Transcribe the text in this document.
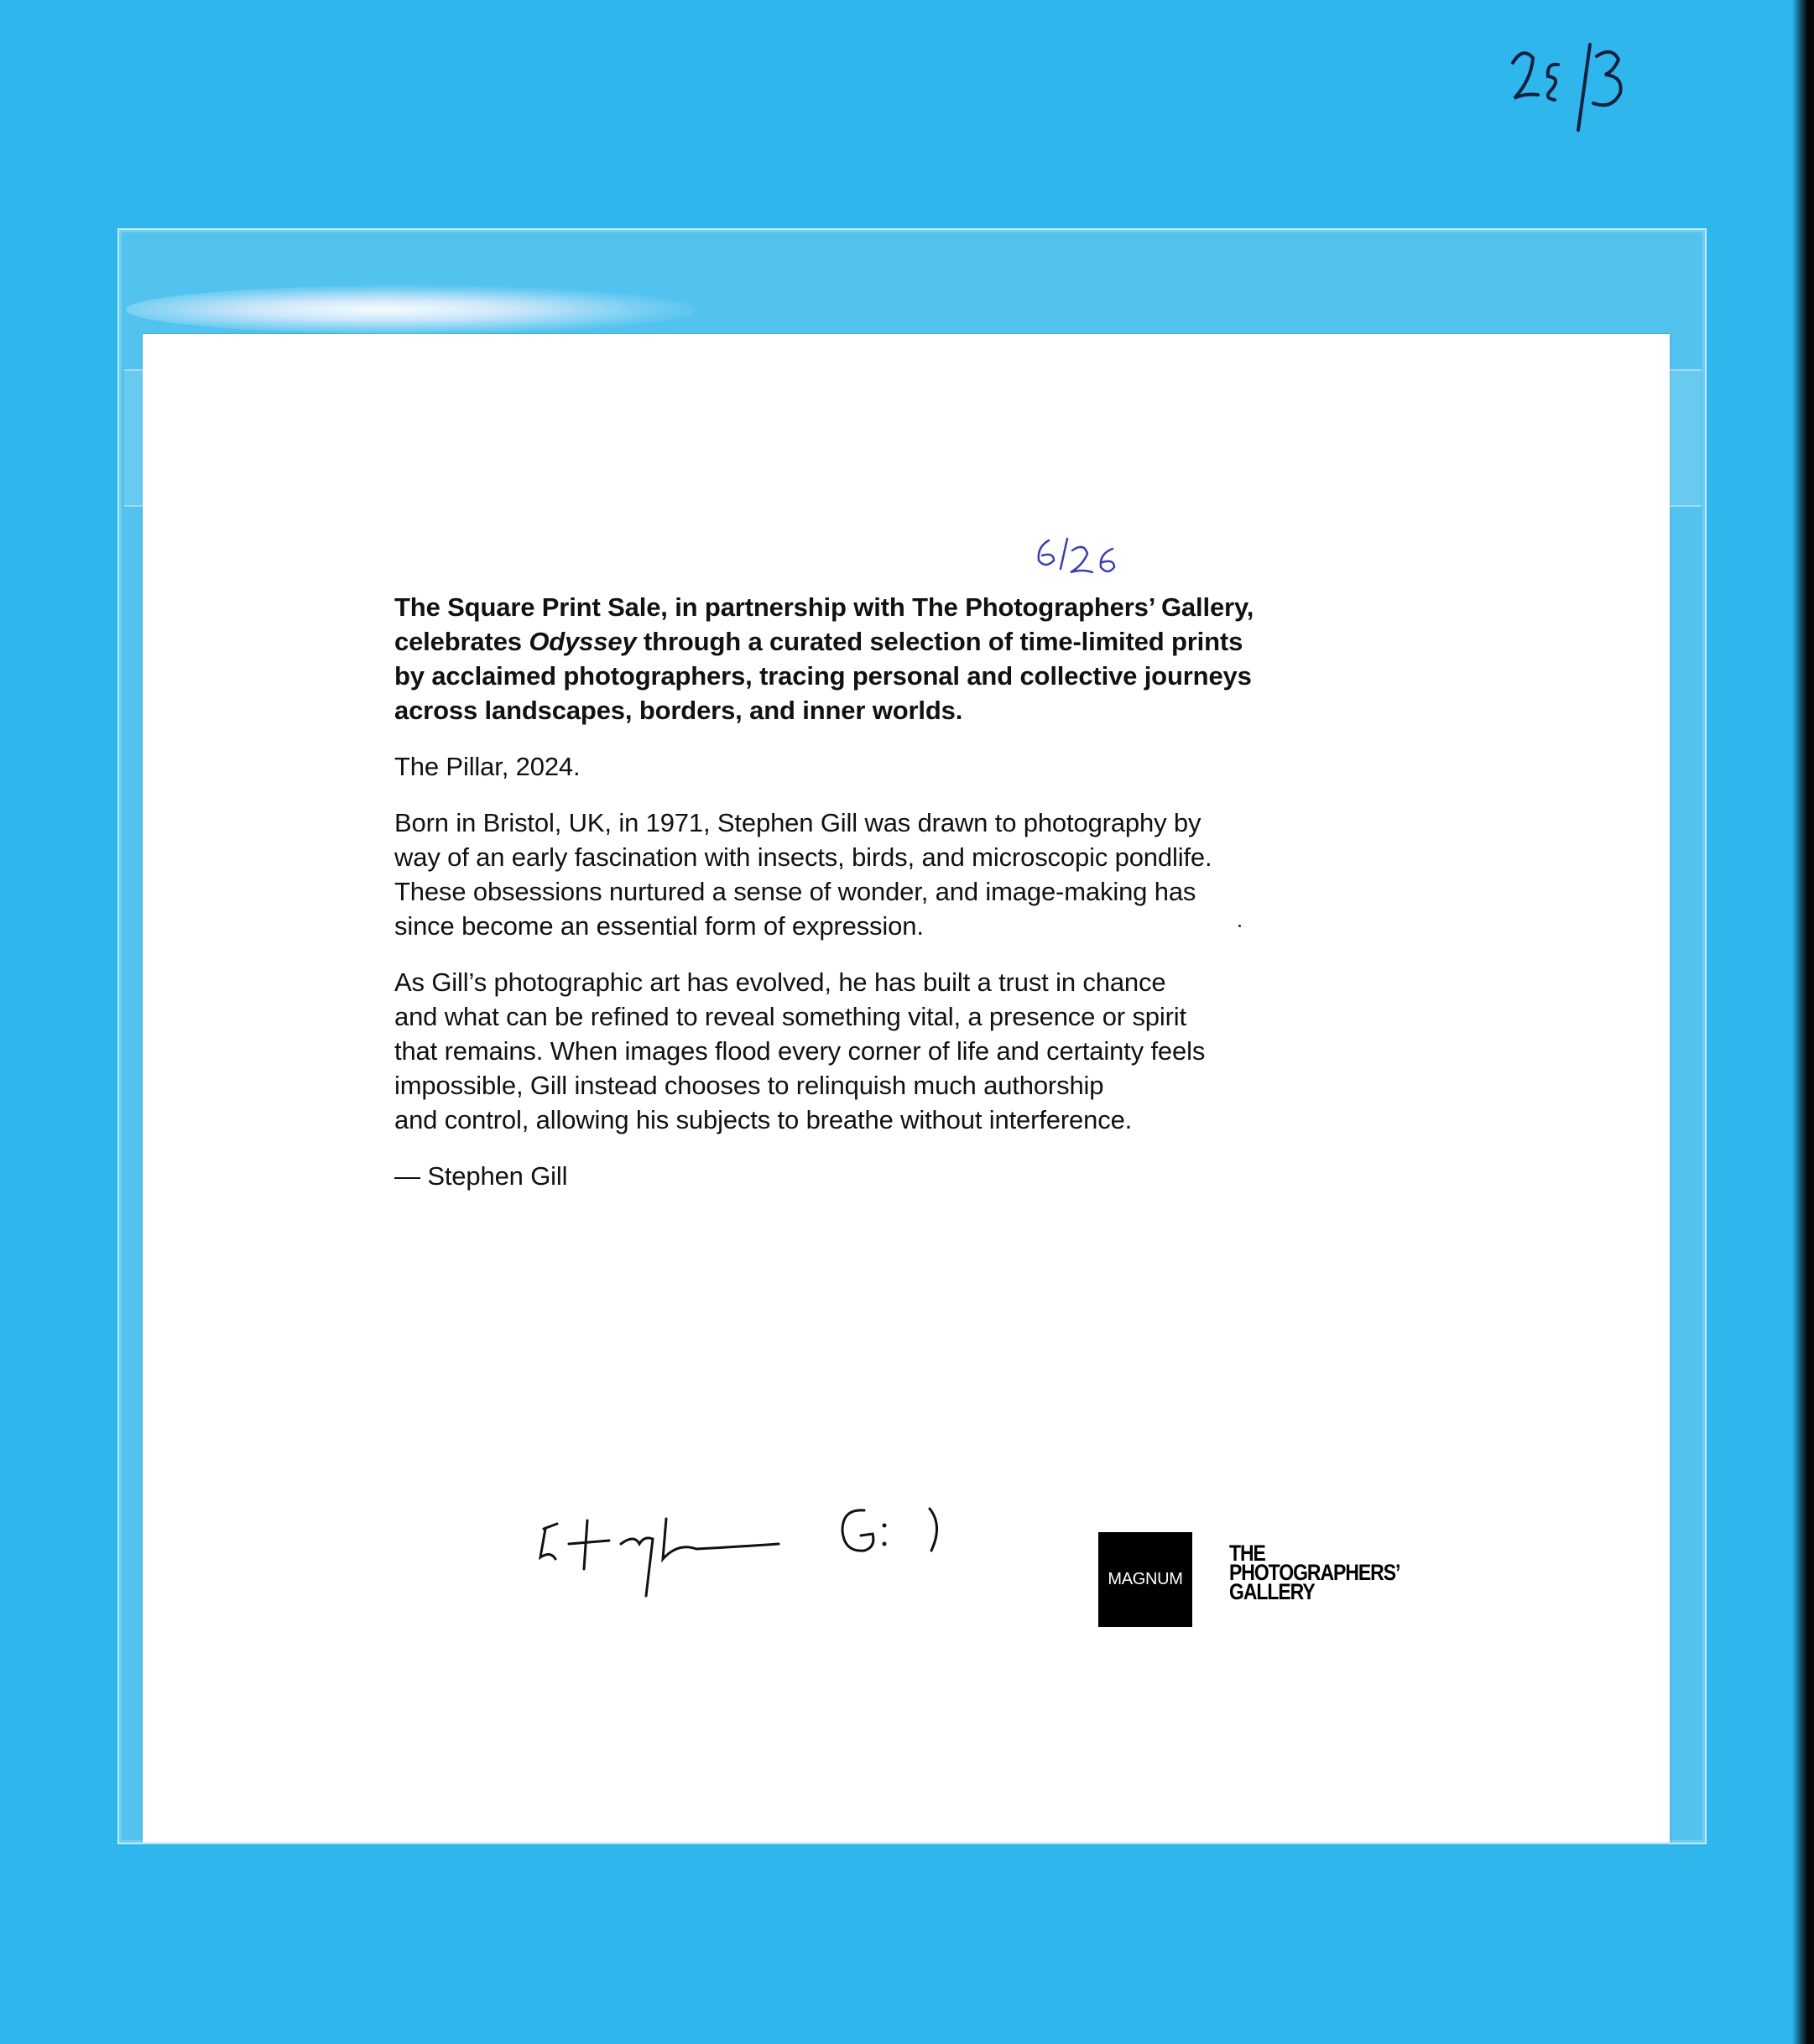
The Square Print Sale, in partnership with The Photographers’ Gallery,
celebrates Odyssey through a curated selection of time-limited prints
by acclaimed photographers, tracing personal and collective journeys
across landscapes, borders, and inner worlds.
The Pillar, 2024.
Born in Bristol, UK, in 1971, Stephen Gill was drawn to photography by
way of an early fascination with insects, birds, and microscopic pondlife.
These obsessions nurtured a sense of wonder, and image-making has
since become an essential form of expression.
As Gill’s photographic art has evolved, he has built a trust in chance
and what can be refined to reveal something vital, a presence or spirit
that remains. When images flood every corner of life and certainty feels
impossible, Gill instead chooses to relinquish much authorship
and control, allowing his subjects to breathe without interference.
— Stephen Gill
MAGNUM
THE
PHOTOGRAPHERS’
GALLERY
